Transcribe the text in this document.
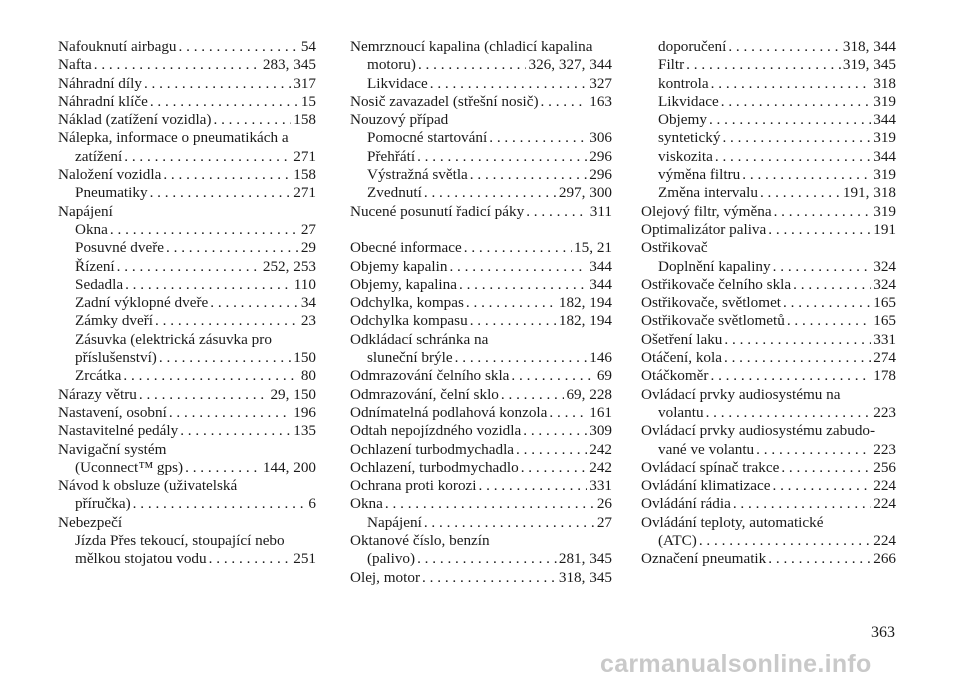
Nafouknutí airbagu . . .	54
Nafta . . .	283, 345
Náhradní díly . . .	317
Náhradní klíče . . .	15
Náklad (zatížení vozidla) . . .	158
Nálepka, informace o pneumatikách a
zatížení . . .	271
Naložení vozidla . . .	158
Pneumatiky . . .	271
Napájení
Okna . . .	27
Posuvné dveře . . .	29
Řízení . . .	252, 253
Sedadla . . .	110
Zadní výklopné dveře . . .	34
Zámky dveří . . .	23
Zásuvka (elektrická zásuvka pro
příslušenství) . . .	150
Zrcátka . . .	80
Nárazy větru . . .	29, 150
Nastavení, osobní . . .	196
Nastavitelné pedály . . .	135
Navigační systém
(Uconnect™ gps) . . .	144, 200
Návod k obsluze (uživatelská
příručka) . . .	6
Nebezpečí
Jízda Přes tekoucí, stoupající nebo
mělkou stojatou vodu . . .	251
Nemrznoucí kapalina (chladicí kapalina
motoru) . . .	326, 327, 344
Likvidace . . .	327
Nosič zavazadel (střešní nosič) . . .	163
Nouzový případ
Pomocné startování . . .	306
Přehřátí . . .	296
Výstražná světla . . .	296
Zvednutí . . .	297, 300
Nucené posunutí řadicí páky . . .	311
Obecné informace . . .	15, 21
Objemy kapalin . . .	344
Objemy, kapalina . . .	344
Odchylka, kompas . . .	182, 194
Odchylka kompasu . . .	182, 194
Odkládací schránka na
sluneční brýle . . .	146
Odmrazování čelního skla . . .	69
Odmrazování, čelní sklo . . .	69, 228
Odnímatelná podlahová konzola . . .	161
Odtah nepojízdného vozidla . . .	309
Ochlazení turbodmychadla . . .	242
Ochlazení, turbodmychadlo . . .	242
Ochrana proti korozi . . .	331
Okna . . .	26
Napájení . . .	27
Oktanové číslo, benzín
(palivo) . . .	281, 345
Olej, motor . . .	318, 345
doporučení . . .	318, 344
Filtr . . .	319, 345
kontrola . . .	318
Likvidace . . .	319
Objemy . . .	344
syntetický . . .	319
viskozita . . .	344
výměna filtru . . .	319
Změna intervalu . . .	191, 318
Olejový filtr, výměna . . .	319
Optimalizátor paliva . . .	191
Ostřikovač
Doplnění kapaliny . . .	324
Ostřikovače čelního skla . . .	324
Ostřikovače, světlomet . . .	165
Ostřikovače světlometů . . .	165
Ošetření laku . . .	331
Otáčení, kola . . .	274
Otáčkoměr . . .	178
Ovládací prvky audiosystému na
volantu . . .	223
Ovládací prvky audiosystému zabudo-
vané ve volantu . . .	223
Ovládací spínač trakce . . .	256
Ovládání klimatizace . . .	224
Ovládání rádia . . .	224
Ovládání teploty, automatické
(ATC) . . .	224
Označení pneumatik . . .	266
363
carmanualsonline.info
